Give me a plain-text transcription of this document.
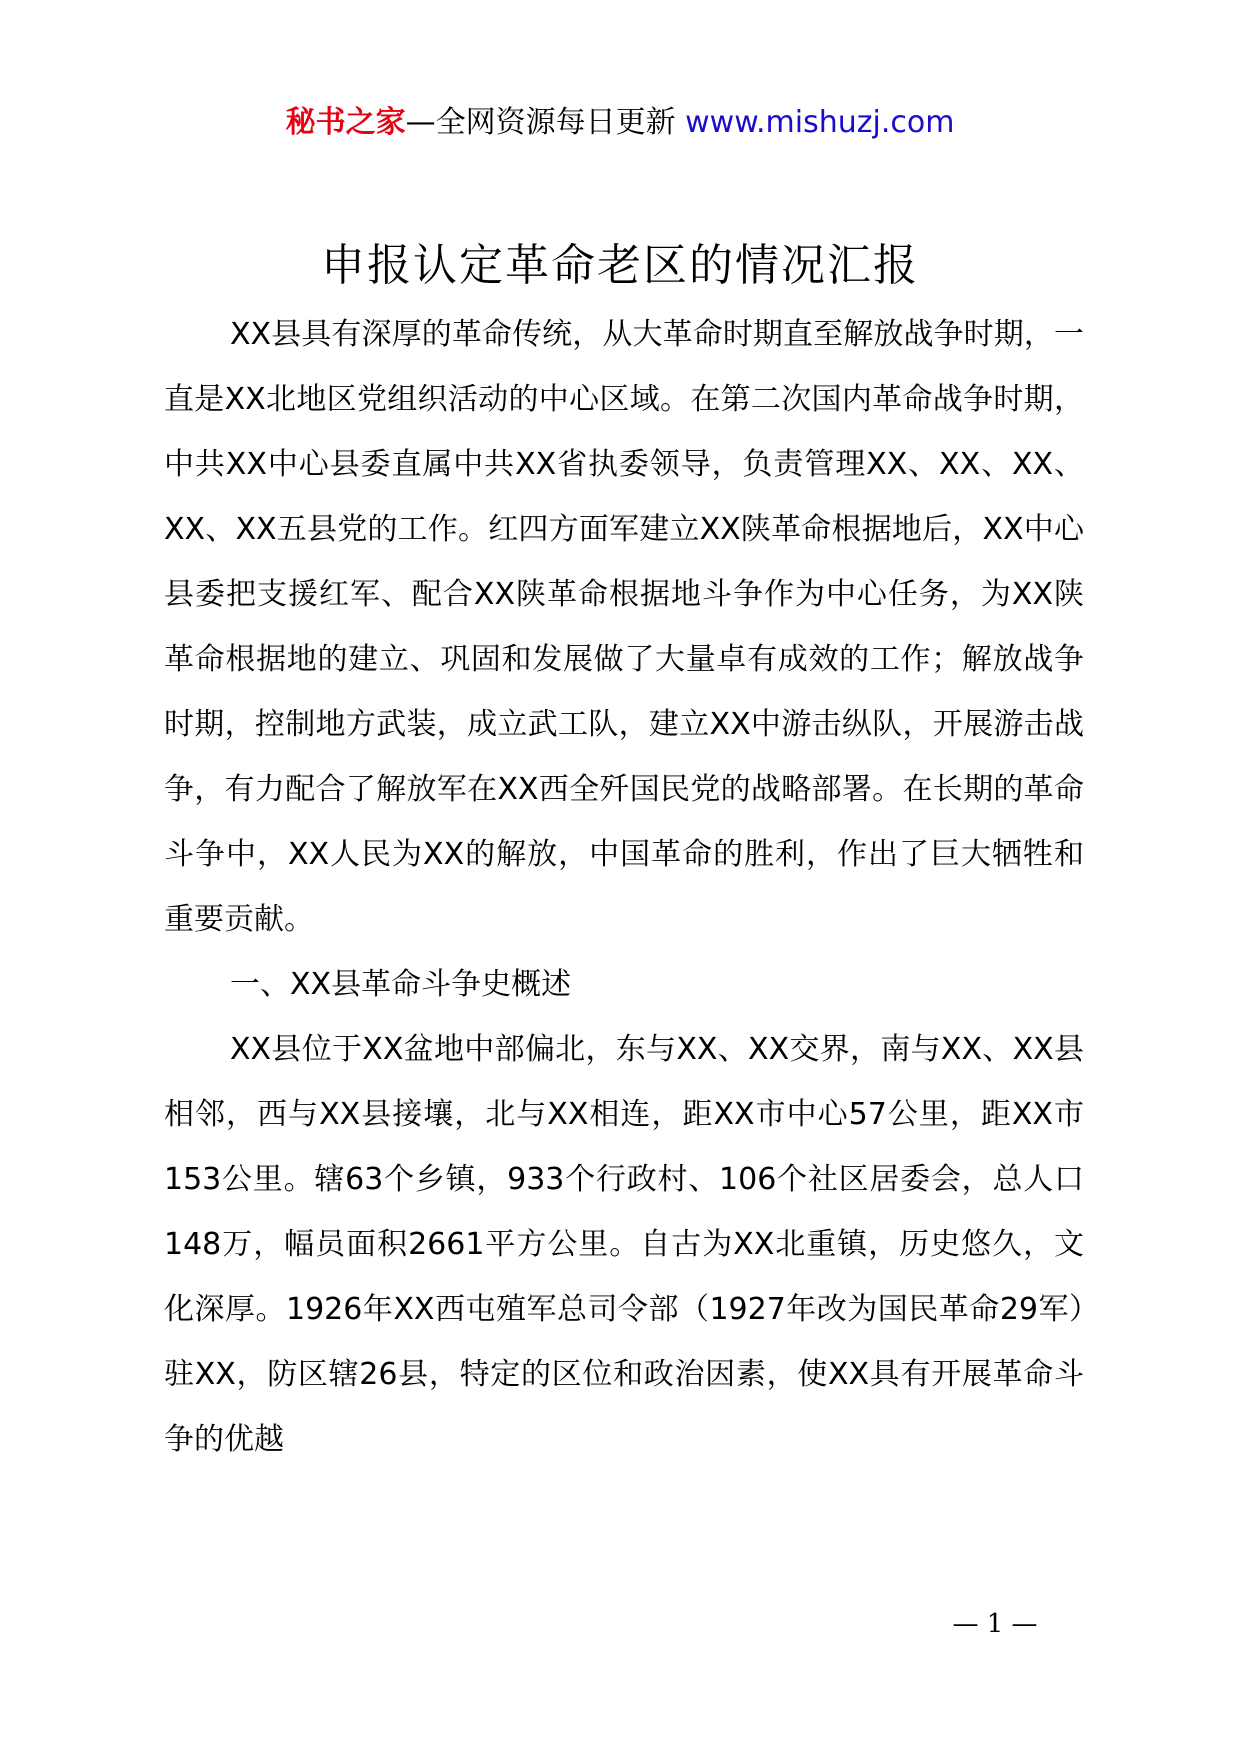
秘书之家—全网资源每日更新 www.mishuzj.com
申报认定革命老区的情况汇报

XX县具有深厚的革命传统，从大革命时期直至解放战争时期，一直是XX北地区党组织活动的中心区域。在第二次国内革命战争时期，中共XX中心县委直属中共XX省执委领导，负责管理XX、XX、XX、XX、XX五县党的工作。红四方面军建立XX陕革命根据地后，XX中心县委把支援红军、配合XX陕革命根据地斗争作为中心任务，为XX陕革命根据地的建立、巩固和发展做了大量卓有成效的工作；解放战争时期，控制地方武装，成立武工队，建立XX中游击纵队，开展游击战争，有力配合了解放军在XX西全歼国民党的战略部署。在长期的革命斗争中，XX人民为XX的解放，中国革命的胜利，作出了巨大牺牲和重要贡献。

一、XX县革命斗争史概述

XX县位于XX盆地中部偏北，东与XX、XX交界，南与XX、XX县相邻，西与XX县接壤，北与XX相连，距XX市中心57公里，距XX市153公里。辖63个乡镇，933个行政村、106个社区居委会，总人口148万，幅员面积2661平方公里。自古为XX北重镇，历史悠久，文化深厚。1926年XX西屯殖军总司令部（1927年改为国民革命29军）驻XX，防区辖26县，特定的区位和政治因素，使XX具有开展革命斗争的优越

— 1 —
